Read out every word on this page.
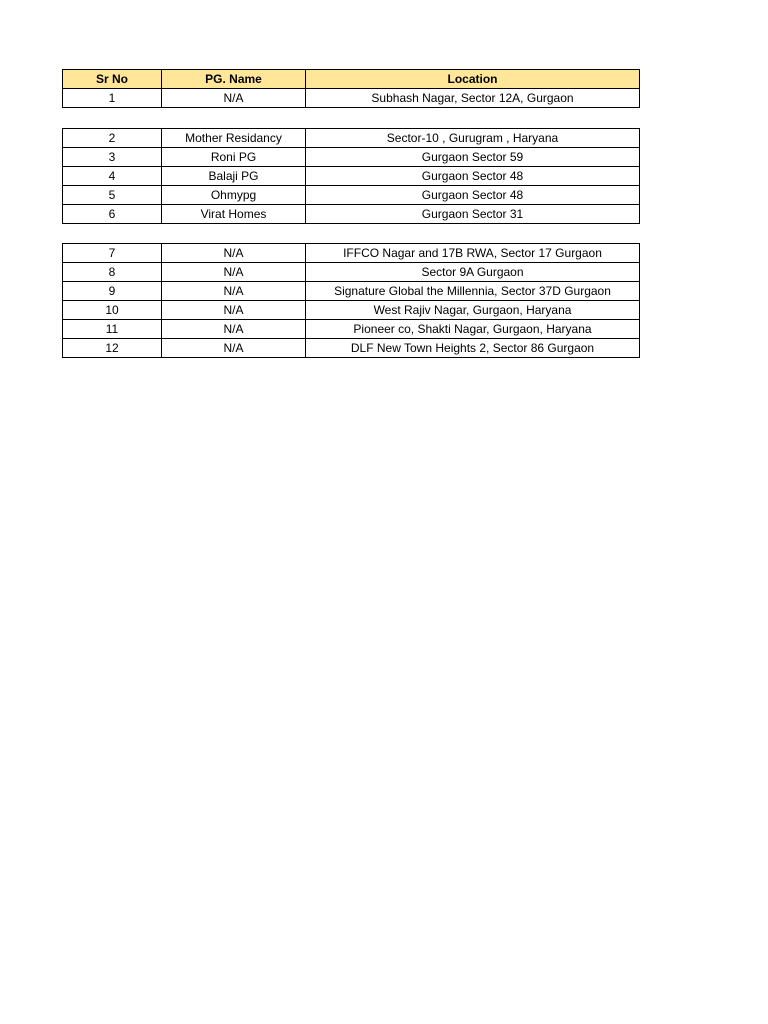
Sr No	PG. Name	Location
1	N/A	Subhash Nagar, Sector 12A, Gurgaon
2	Mother Residancy	Sector-10 , Gurugram , Haryana
3	Roni PG	Gurgaon Sector 59
4	Balaji PG	Gurgaon Sector 48
5	Ohmypg	Gurgaon Sector 48
6	Virat Homes	Gurgaon Sector 31
7	N/A	IFFCO Nagar and 17B RWA, Sector 17 Gurgaon
8	N/A	Sector 9A Gurgaon
9	N/A	Signature Global the Millennia, Sector 37D Gurgaon
10	N/A	West Rajiv Nagar, Gurgaon, Haryana
11	N/A	Pioneer co, Shakti Nagar, Gurgaon, Haryana
12	N/A	DLF New Town Heights 2, Sector 86 Gurgaon
